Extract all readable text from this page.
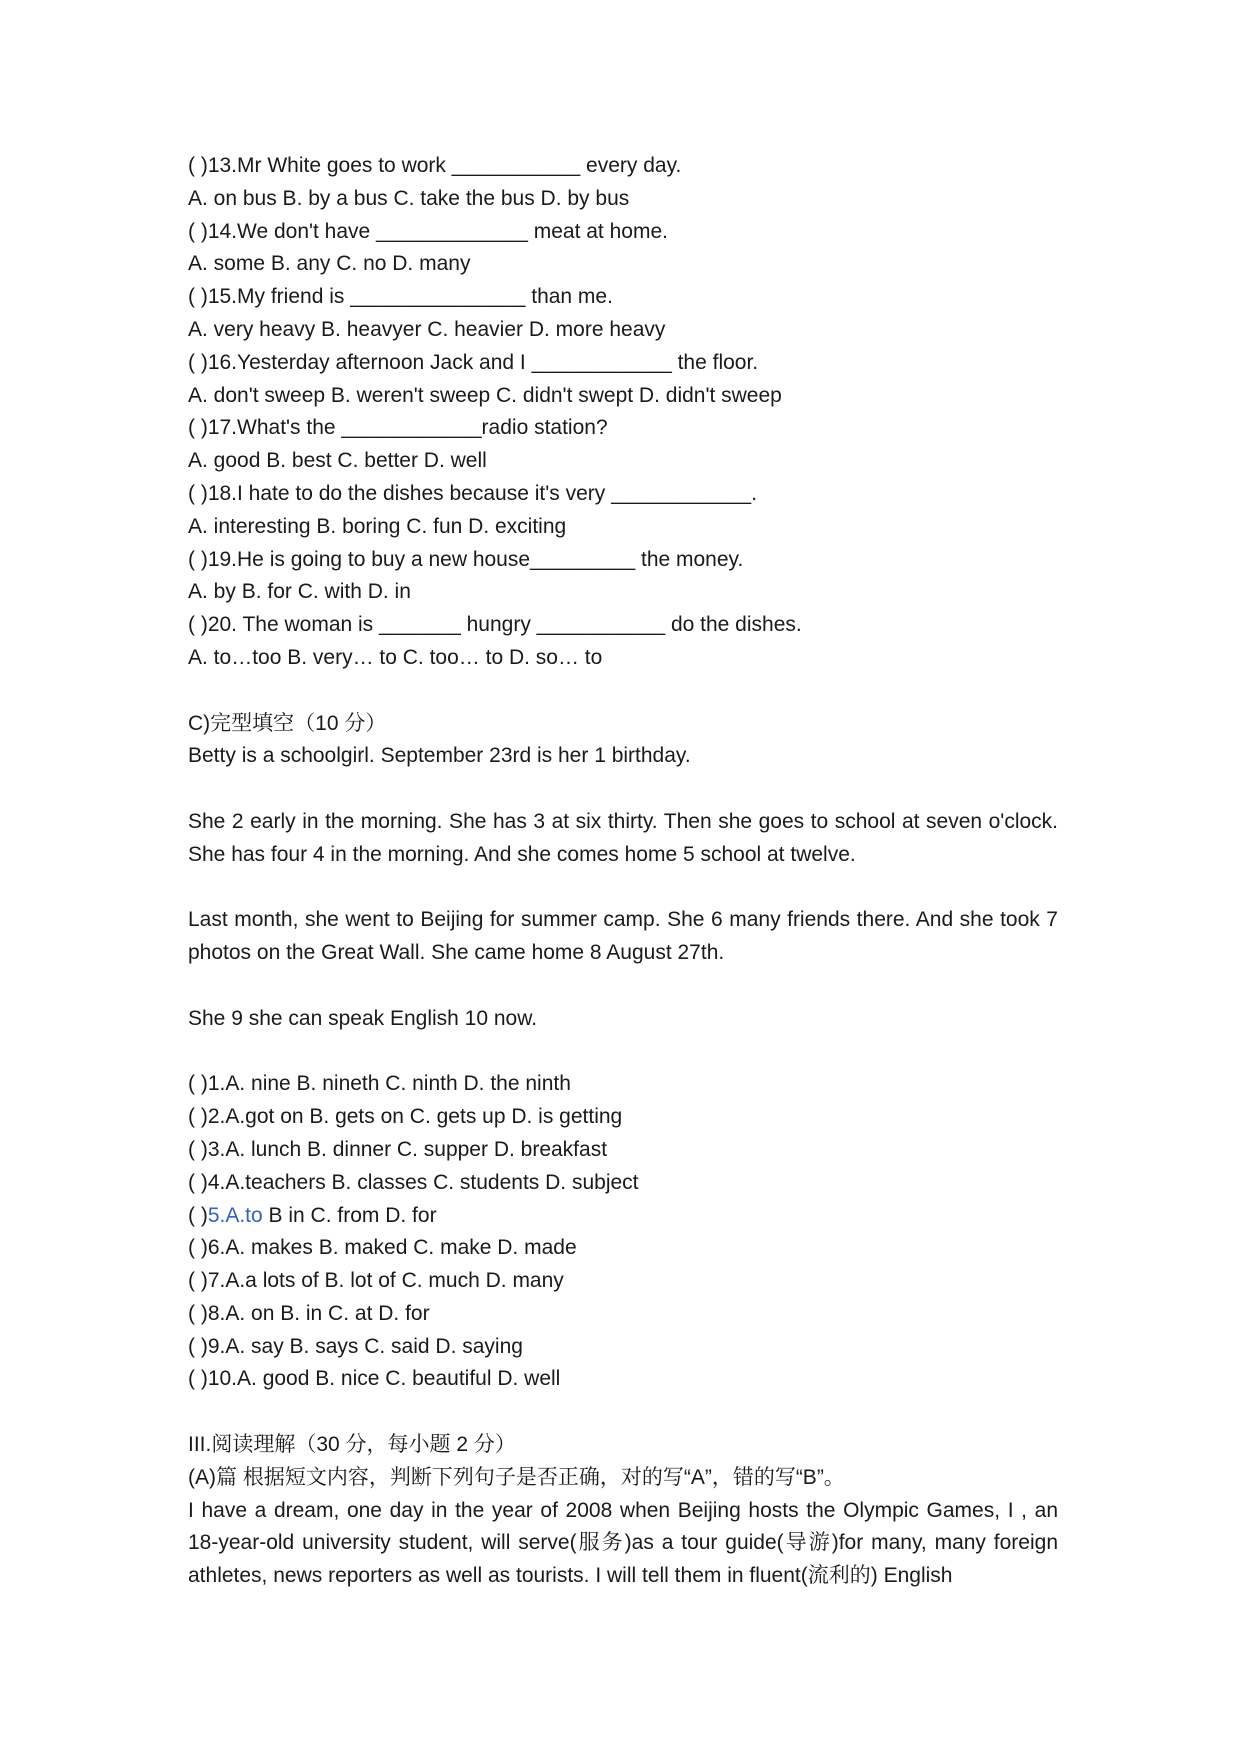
( )13.Mr White goes to work ___________ every day.
A. on bus B. by a bus C. take the bus D. by bus
( )14.We don't have _____________ meat at home.
A. some B. any C. no D. many
( )15.My friend is _______________ than me.
A. very heavy B. heavyer C. heavier D. more heavy
( )16.Yesterday afternoon Jack and I ____________ the floor.
A. don't sweep B. weren't sweep C. didn't swept D. didn't sweep
( )17.What's the ____________radio station?
A. good B. best C. better D. well
( )18.I hate to do the dishes because it's very ____________.
A. interesting B. boring C. fun D. exciting
( )19.He is going to buy a new house_________ the money.
A. by B. for C. with D. in
( )20. The woman is _______ hungry ___________ do the dishes.
A. to…too B. very… to C. too… to D. so… to
C)完型填空（10 分）
Betty is a schoolgirl. September 23rd is her 1 birthday.

She 2 early in the morning. She has 3 at six thirty. Then she goes to school at seven o'clock. She has four 4 in the morning. And she comes home 5 school at twelve.

Last month, she went to Beijing for summer camp. She 6 many friends there. And she took 7 photos on the Great Wall. She came home 8 August 27th.

She 9 she can speak English 10 now.
( )1.A. nine B. nineth C. ninth D. the ninth
( )2.A.got on B. gets on C. gets up D. is getting
( )3.A. lunch B. dinner C. supper D. breakfast
( )4.A.teachers B. classes C. students D. subject
( )5.A.to B in C. from D. for
( )6.A. makes B. maked C. make D. made
( )7.A.a lots of B. lot of C. much D. many
( )8.A. on B. in C. at D. for
( )9.A. say B. says C. said D. saying
( )10.A. good B. nice C. beautiful D. well
III.阅读理解（30 分，每小题 2 分）
(A)篇 根据短文内容，判断下列句子是否正确，对的写“A”，错的写“B”。

I have a dream, one day in the year of 2008 when Beijing hosts the Olympic Games, I , an 18-year-old university student, will serve(服务)as a tour guide(导游)for many, many foreign athletes, news reporters as well as tourists. I will tell them in fluent(流利的) English
